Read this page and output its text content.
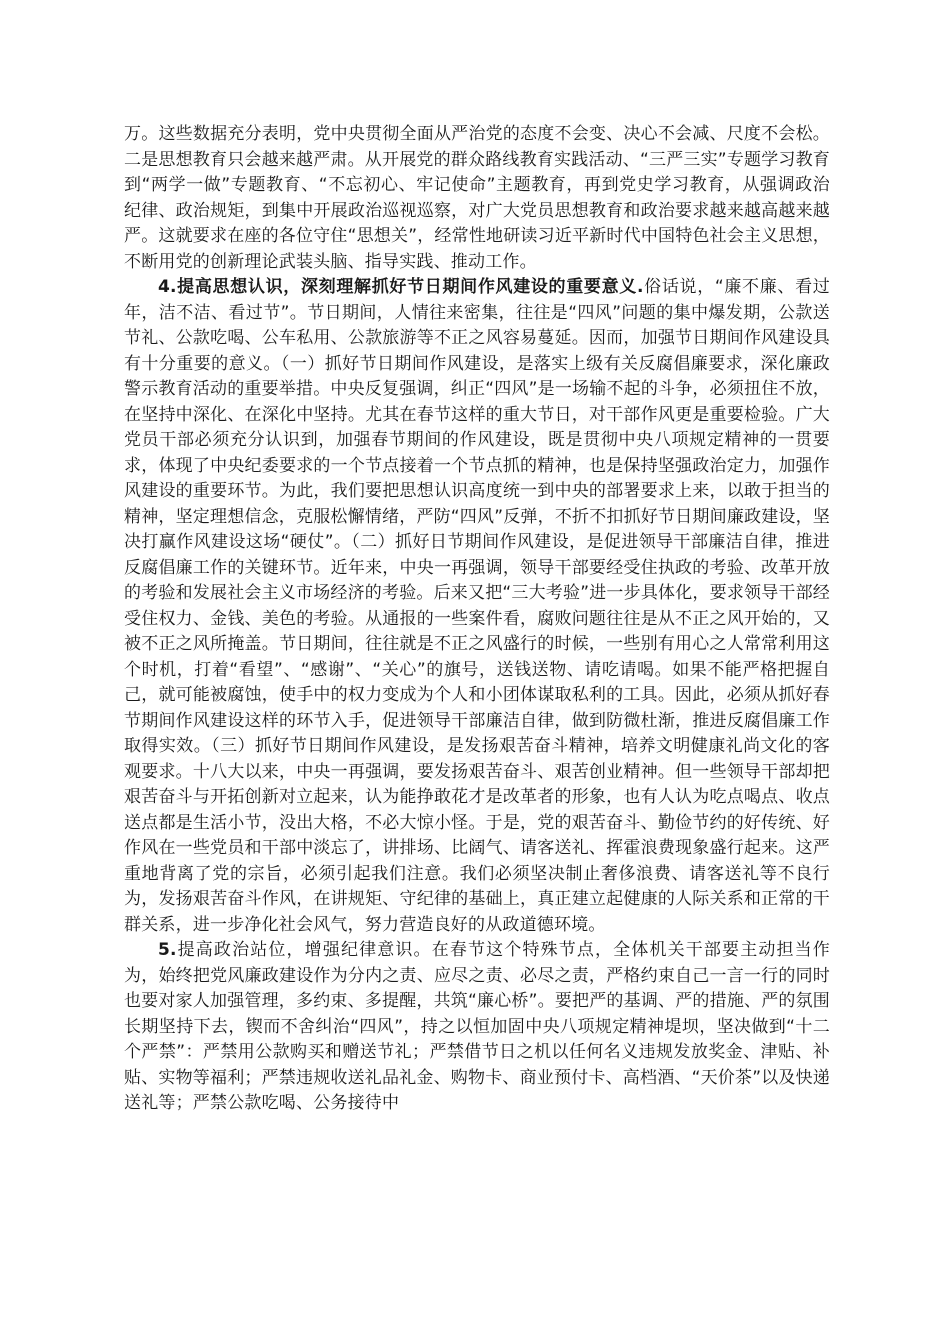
万。这些数据充分表明，党中央贯彻全面从严治党的态度不会变、决心不会减、尺度不会松。二是思想教育只会越来越严肃。从开展党的群众路线教育实践活动、“三严三实”专题学习教育到“两学一做”专题教育、“不忘初心、牢记使命”主题教育，再到党史学习教育，从强调政治纪律、政治规矩，到集中开展政治巡视巡察，对广大党员思想教育和政治要求越来越高越来越严。这就要求在座的各位守住“思想关”，经常性地研读习近平新时代中国特色社会主义思想，不断用党的创新理论武装头脑、指导实践、推动工作。

4.提高思想认识，深刻理解抓好节日期间作风建设的重要意义.俗话说，“廉不廉、看过年，洁不洁、看过节”。节日期间，人情往来密集，往往是“四风”问题的集中爆发期，公款送节礼、公款吃喝、公车私用、公款旅游等不正之风容易蔓延。因而，加强节日期间作风建设具有十分重要的意义。（一）抓好节日期间作风建设，是落实上级有关反腐倡廉要求，深化廉政警示教育活动的重要举措。中央反复强调，纠正“四风”是一场输不起的斗争，必须扭住不放，在坚持中深化、在深化中坚持。尤其在春节这样的重大节日，对干部作风更是重要检验。广大党员干部必须充分认识到，加强春节期间的作风建设，既是贯彻中央八项规定精神的一贯要求，体现了中央纪委要求的一个节点接着一个节点抓的精神，也是保持坚强政治定力，加强作风建设的重要环节。为此，我们要把思想认识高度统一到中央的部署要求上来，以敢于担当的精神，坚定理想信念，克服松懈情绪，严防“四风”反弹，不折不扣抓好节日期间廉政建设，坚决打赢作风建设这场“硬仗”。（二）抓好日节期间作风建设，是促进领导干部廉洁自律，推进反腐倡廉工作的关键环节。近年来，中央一再强调，领导干部要经受住执政的考验、改革开放的考验和发展社会主义市场经济的考验。后来又把“三大考验”进一步具体化，要求领导干部经受住权力、金钱、美色的考验。从通报的一些案件看，腐败问题往往是从不正之风开始的，又被不正之风所掩盖。节日期间，往往就是不正之风盛行的时候，一些别有用心之人常常利用这个时机，打着“看望”、“感谢”、“关心”的旗号，送钱送物、请吃请喝。如果不能严格把握自己，就可能被腐蚀，使手中的权力变成为个人和小团体谋取私利的工具。因此，必须从抓好春节期间作风建设这样的环节入手，促进领导干部廉洁自律，做到防微杜渐，推进反腐倡廉工作取得实效。（三）抓好节日期间作风建设，是发扬艰苦奋斗精神，培养文明健康礼尚文化的客观要求。十八大以来，中央一再强调，要发扬艰苦奋斗、艰苦创业精神。但一些领导干部却把艰苦奋斗与开拓创新对立起来，认为能挣敢花才是改革者的形象，也有人认为吃点喝点、收点送点都是生活小节，没出大格，不必大惊小怪。于是，党的艰苦奋斗、勤俭节约的好传统、好作风在一些党员和干部中淡忘了，讲排场、比阔气、请客送礼、挥霍浪费现象盛行起来。这严重地背离了党的宗旨，必须引起我们注意。我们必须坚决制止奢侈浪费、请客送礼等不良行为，发扬艰苦奋斗作风，在讲规矩、守纪律的基础上，真正建立起健康的人际关系和正常的干群关系，进一步净化社会风气，努力营造良好的从政道德环境。

5.提高政治站位，增强纪律意识。在春节这个特殊节点，全体机关干部要主动担当作为，始终把党风廉政建设作为分内之责、应尽之责、必尽之责，严格约束自己一言一行的同时也要对家人加强管理，多约束、多提醒，共筑“廉心桥”。要把严的基调、严的措施、严的氛围长期坚持下去，锲而不舍纠治“四风”，持之以恒加固中央八项规定精神堤坝，坚决做到“十二个严禁”：严禁用公款购买和赠送节礼；严禁借节日之机以任何名义违规发放奖金、津贴、补贴、实物等福利；严禁违规收送礼品礼金、购物卡、商业预付卡、高档酒、“天价茶”以及快递送礼等；严禁公款吃喝、公务接待中
